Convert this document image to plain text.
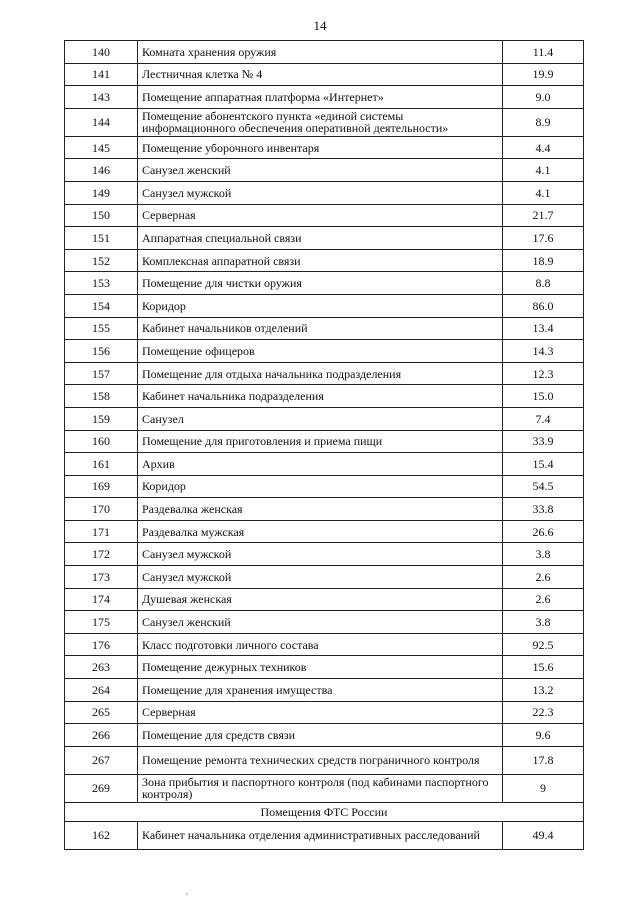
14
140	Комната хранения оружия	11.4
141	Лестничная клетка № 4	19.9
143	Помещение аппаратная платформа «Интернет»	9.0
144	Помещение абонентского пункта «единой системы информационного обеспечения оперативной деятельности»	8.9
145	Помещение уборочного инвентаря	4.4
146	Санузел женский	4.1
149	Санузел мужской	4.1
150	Серверная	21.7
151	Аппаратная специальной связи	17.6
152	Комплексная аппаратной связи	18.9
153	Помещение для чистки оружия	8.8
154	Коридор	86.0
155	Кабинет начальников отделений	13.4
156	Помещение офицеров	14.3
157	Помещение для отдыха начальника подразделения	12.3
158	Кабинет начальника подразделения	15.0
159	Санузел	7.4
160	Помещение для приготовления и приема пищи	33.9
161	Архив	15.4
169	Коридор	54.5
170	Раздевалка женская	33.8
171	Раздевалка мужская	26.6
172	Санузел мужской	3.8
173	Санузел мужской	2.6
174	Душевая женская	2.6
175	Санузел женский	3.8
176	Класс подготовки личного состава	92.5
263	Помещение дежурных техников	15.6
264	Помещение для хранения имущества	13.2
265	Серверная	22.3
266	Помещение для средств связи	9.6
267	Помещение ремонта технических средств пограничного контроля	17.8
269	Зона прибытия и паспортного контроля (под кабинами паспортного контроля)	9
Помещения ФТС России		
162	Кабинет начальника отделения административных расследований	49.4
′
